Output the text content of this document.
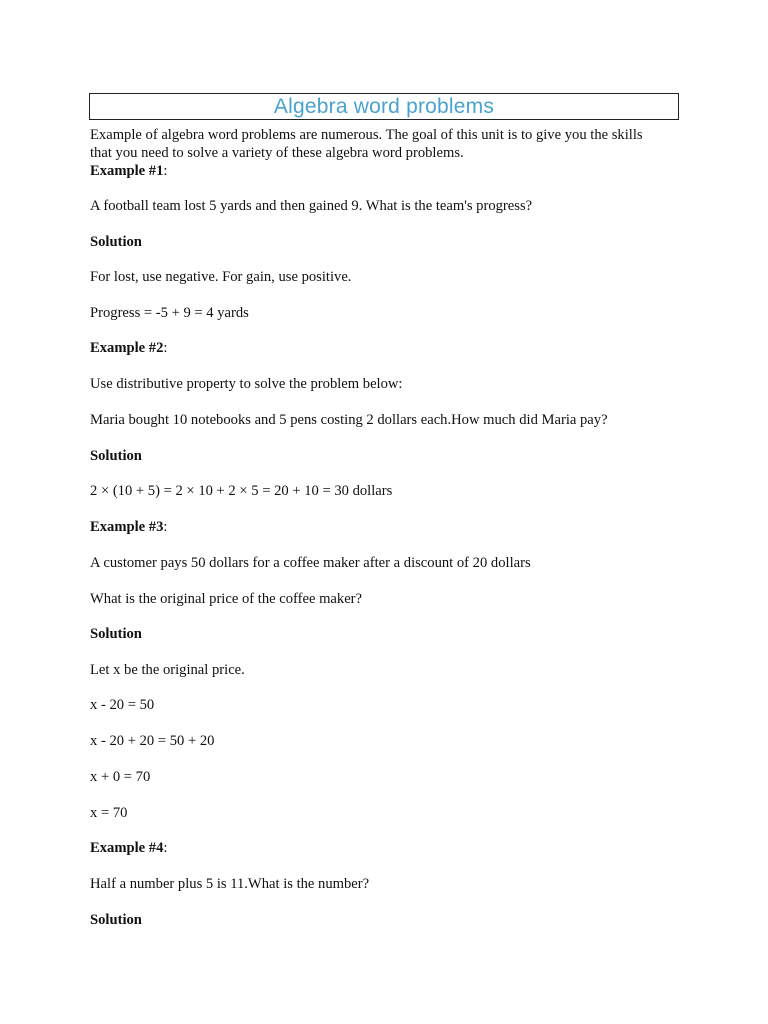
Algebra word problems
Example of algebra word problems are numerous. The goal of this unit is to give you the skills
that you need to solve a variety of these algebra word problems.
Example #1:
A football team lost 5 yards and then gained 9. What is the team's progress?
Solution
For lost, use negative. For gain, use positive.
Progress = -5 + 9 = 4 yards
Example #2:
Use distributive property to solve the problem below:
Maria bought 10 notebooks and 5 pens costing 2 dollars each.How much did Maria pay?
Solution
2 × (10 + 5) = 2 × 10 + 2 × 5 = 20 + 10 = 30 dollars
Example #3:
A customer pays 50 dollars for a coffee maker after a discount of 20 dollars
What is the original price of the coffee maker?
Solution
Let x be the original price.
x - 20 = 50
x - 20 + 20 = 50 + 20
x + 0 = 70
x = 70
Example #4:
Half a number plus 5 is 11.What is the number?
Solution
